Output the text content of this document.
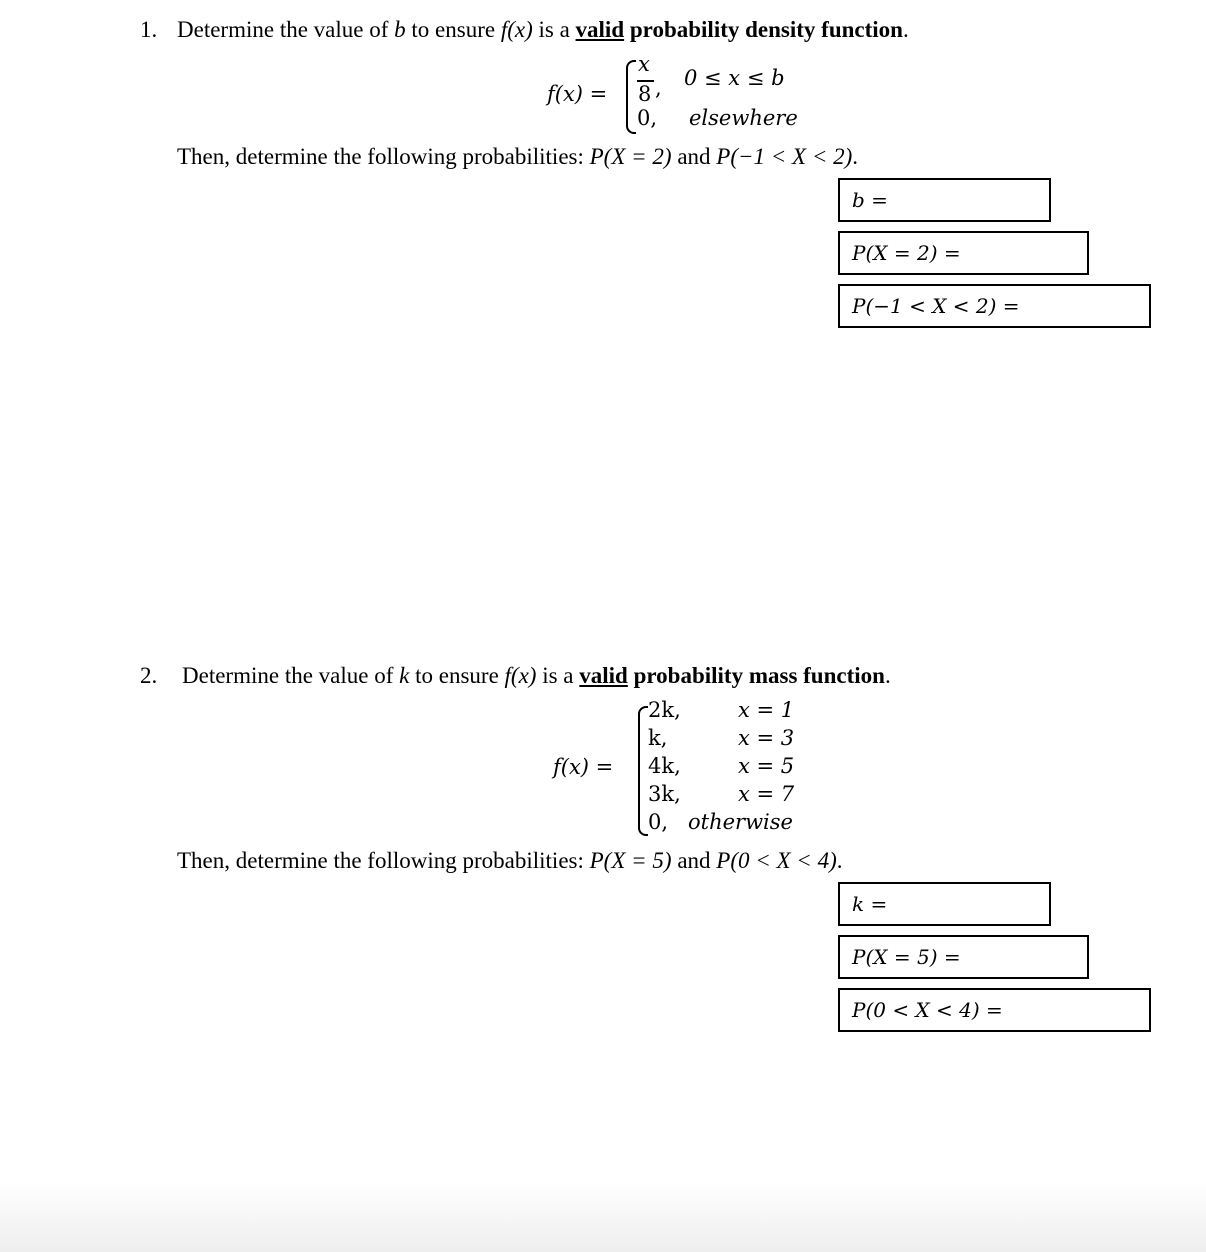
1. Determine the value of b to ensure f(x) is a valid probability density function.
f(x) =
x
8 , 0 ≤ x ≤ b
0, elsewhere
Then, determine the following probabilities: P(X = 2) and P(−1 < X < 2).
b =
P(X = 2) =
P(−1 < X < 2) =
2. Determine the value of k to ensure f(x) is a valid probability mass function.
f(x) =
2k,	x = 1
k,	x = 3
4k,	x = 5
3k,	x = 7
0, otherwise
Then, determine the following probabilities: P(X = 5) and P(0 < X < 4).
k =
P(X = 5) =
P(0 < X < 4) =
